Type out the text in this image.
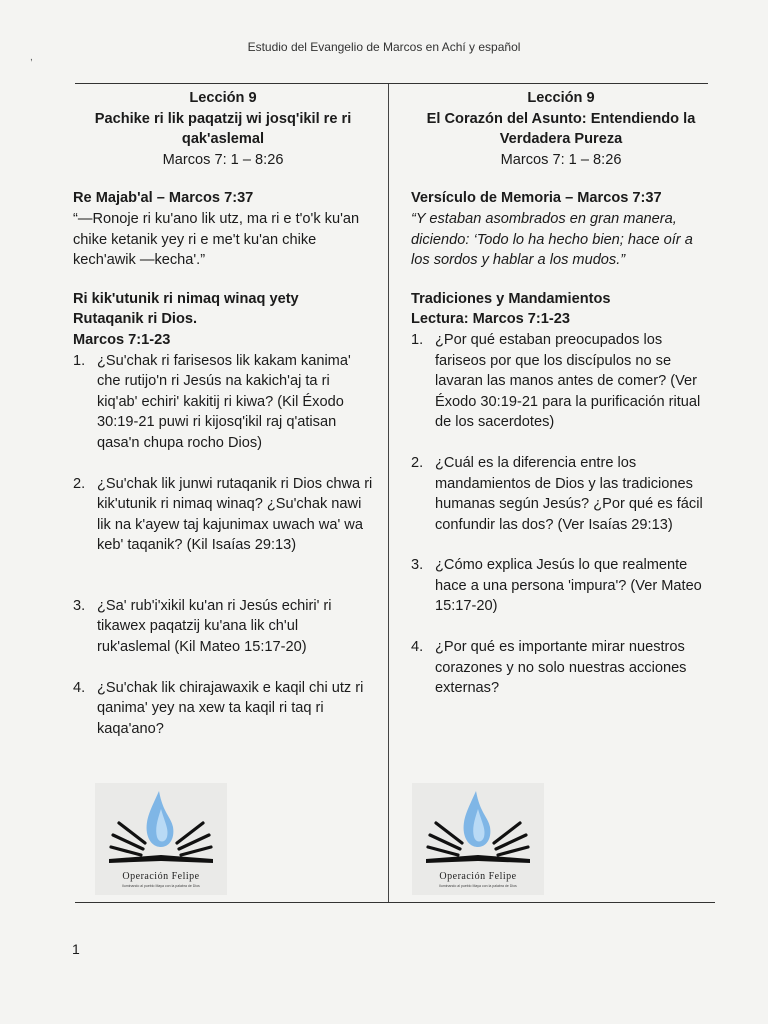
,
Estudio del Evangelio de Marcos en Achí y español
Lección 9
Pachike ri lik paqatzij wi josq'ikil re ri qak'aslemal
Marcos 7: 1 – 8:26
Re Majab'al – Marcos 7:37
“—Ronoje ri ku'ano lik utz, ma ri e t'o'k ku'an chike ketanik yey ri e me't ku'an chike kech'awik —kecha'.”
Ri kik'utunik ri nimaq winaq yety Rutaqanik ri Dios.
Marcos 7:1-23
1. ¿Su'chak ri farisesos lik kakam kanima' che rutijo'n ri Jesús na kakich'aj ta ri kiq'ab' echiri' kakitij ri kiwa? (Kil Éxodo 30:19-21 puwi ri kijosq'ikil raj q'atisan qasa'n chupa rocho Dios)
2. ¿Su'chak lik junwi rutaqanik ri Dios chwa ri kik'utunik ri nimaq winaq? ¿Su'chak nawi lik na k'ayew taj kajunimax uwach wa' wa keb' taqanik? (Kil Isaías 29:13)
3. ¿Sa' rub'i'xikil ku'an ri Jesús echiri' ri tikawex paqatzij ku'ana lik ch'ul ruk'aslemal (Kil Mateo 15:17-20)
4. ¿Su'chak lik chirajawaxik e kaqil chi utz ri qanima' yey na xew ta kaqil ri taq ri kaqa'ano?
Lección 9
El Corazón del Asunto: Entendiendo la Verdadera Pureza
Marcos 7: 1 – 8:26
Versículo de Memoria – Marcos 7:37
“Y estaban asombrados en gran manera, diciendo: ‘Todo lo ha hecho bien; hace oír a los sordos y hablar a los mudos.”
Tradiciones y Mandamientos
Lectura: Marcos 7:1-23
1. ¿Por qué estaban preocupados los fariseos por que los discípulos no se lavaran las manos antes de comer? (Ver Éxodo 30:19-21 para la purificación ritual de los sacerdotes)
2. ¿Cuál es la diferencia entre los mandamientos de Dios y las tradiciones humanas según Jesús? ¿Por qué es fácil confundir las dos? (Ver Isaías 29:13)
3. ¿Cómo explica Jesús lo que realmente hace a una persona 'impura'? (Ver Mateo 15:17-20)
4. ¿Por qué es importante mirar nuestros corazones y no solo nuestras acciones externas?
Operación Felipe
Iluminando al pueblo Maya con la palabra de Dios
Operación Felipe
Iluminando al pueblo Maya con la palabra de Dios
1
